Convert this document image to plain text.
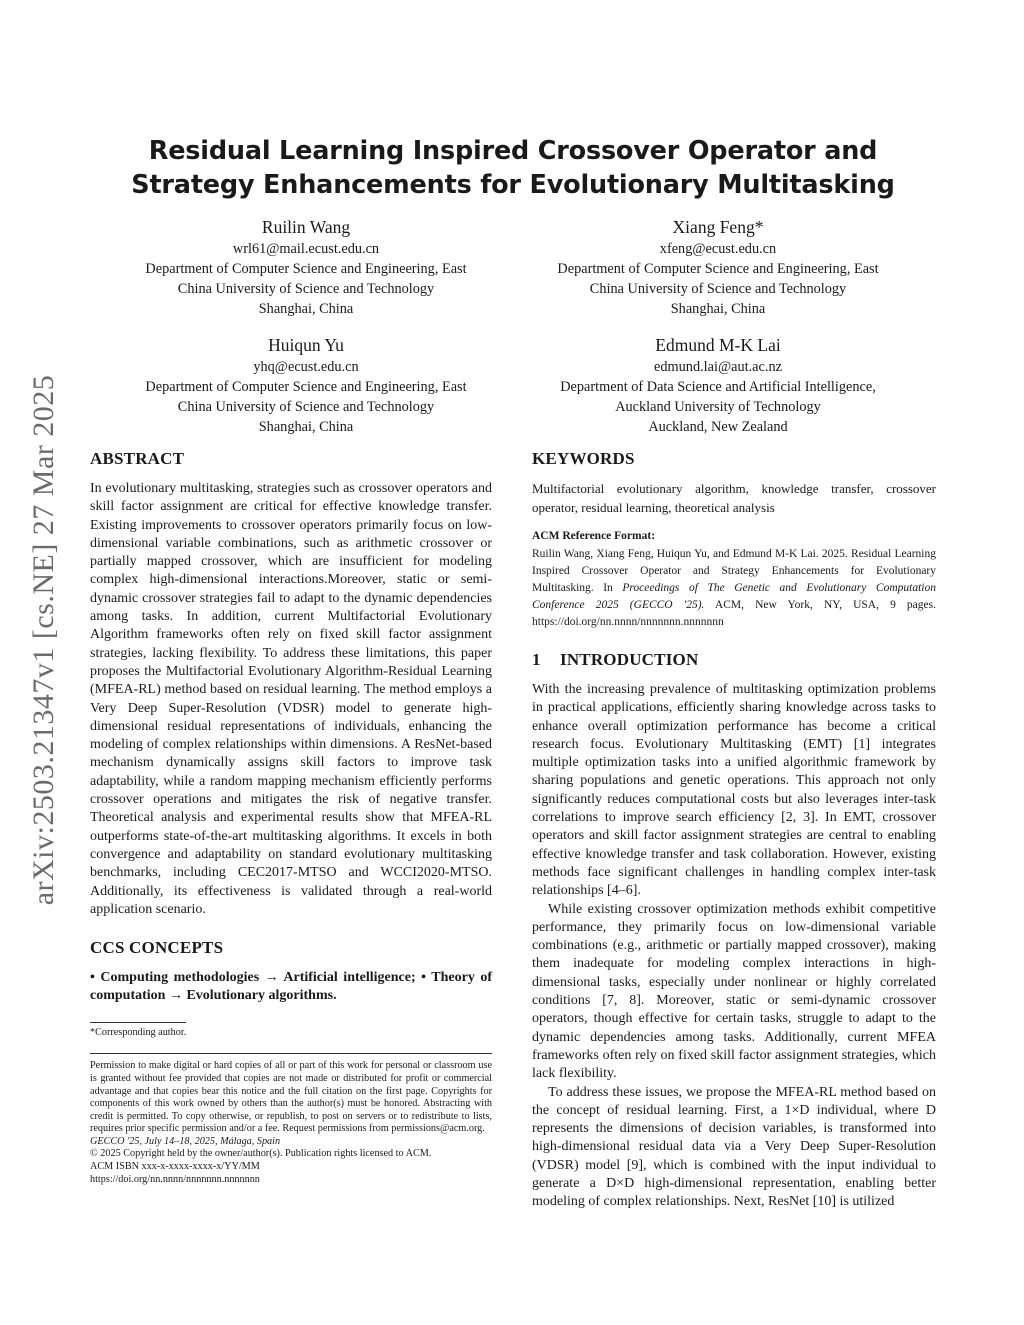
arXiv:2503.21347v1 [cs.NE] 27 Mar 2025
Residual Learning Inspired Crossover Operator and Strategy Enhancements for Evolutionary Multitasking
Ruilin Wang
wrl61@mail.ecust.edu.cn
Department of Computer Science and Engineering, East
China University of Science and Technology
Shanghai, China
Xiang Feng*
xfeng@ecust.edu.cn
Department of Computer Science and Engineering, East
China University of Science and Technology
Shanghai, China
Huiqun Yu
yhq@ecust.edu.cn
Department of Computer Science and Engineering, East
China University of Science and Technology
Shanghai, China
Edmund M-K Lai
edmund.lai@aut.ac.nz
Department of Data Science and Artificial Intelligence,
Auckland University of Technology
Auckland, New Zealand
ABSTRACT

In evolutionary multitasking, strategies such as crossover operators and skill factor assignment are critical for effective knowledge transfer. Existing improvements to crossover operators primarily focus on low-dimensional variable combinations, such as arithmetic crossover or partially mapped crossover, which are insufficient for modeling complex high-dimensional interactions.Moreover, static or semi-dynamic crossover strategies fail to adapt to the dynamic dependencies among tasks. In addition, current Multifactorial Evolutionary Algorithm frameworks often rely on fixed skill factor assignment strategies, lacking flexibility. To address these limitations, this paper proposes the Multifactorial Evolutionary Algorithm-Residual Learning (MFEA-RL) method based on residual learning. The method employs a Very Deep Super-Resolution (VDSR) model to generate high-dimensional residual representations of individuals, enhancing the modeling of complex relationships within dimensions. A ResNet-based mechanism dynamically assigns skill factors to improve task adaptability, while a random mapping mechanism efficiently performs crossover operations and mitigates the risk of negative transfer. Theoretical analysis and experimental results show that MFEA-RL outperforms state-of-the-art multitasking algorithms. It excels in both convergence and adaptability on standard evolutionary multitasking benchmarks, including CEC2017-MTSO and WCCI2020-MTSO. Additionally, its effectiveness is validated through a real-world application scenario.

CCS CONCEPTS

• Computing methodologies → Artificial intelligence; • Theory of computation → Evolutionary algorithms.

*Corresponding author.

Permission to make digital or hard copies of all or part of this work for personal or classroom use is granted without fee provided that copies are not made or distributed for profit or commercial advantage and that copies bear this notice and the full citation on the first page. Copyrights for components of this work owned by others than the author(s) must be honored. Abstracting with credit is permitted. To copy otherwise, or republish, to post on servers or to redistribute to lists, requires prior specific permission and/or a fee. Request permissions from permissions@acm.org.

GECCO '25, July 14–18, 2025, Málaga, Spain

© 2025 Copyright held by the owner/author(s). Publication rights licensed to ACM.

ACM ISBN xxx-x-xxxx-xxxx-x/YY/MM

https://doi.org/nn.nnnn/nnnnnnn.nnnnnnn

KEYWORDS

Multifactorial evolutionary algorithm, knowledge transfer, crossover operator, residual learning, theoretical analysis

ACM Reference Format:

Ruilin Wang, Xiang Feng, Huiqun Yu, and Edmund M-K Lai. 2025. Residual Learning Inspired Crossover Operator and Strategy Enhancements for Evolutionary Multitasking. In Proceedings of The Genetic and Evolutionary Computation Conference 2025 (GECCO '25). ACM, New York, NY, USA, 9 pages. https://doi.org/nn.nnnn/nnnnnnn.nnnnnnn

1 INTRODUCTION

With the increasing prevalence of multitasking optimization problems in practical applications, efficiently sharing knowledge across tasks to enhance overall optimization performance has become a critical research focus. Evolutionary Multitasking (EMT) [1] integrates multiple optimization tasks into a unified algorithmic framework by sharing populations and genetic operations. This approach not only significantly reduces computational costs but also leverages inter-task correlations to improve search efficiency [2, 3]. In EMT, crossover operators and skill factor assignment strategies are central to enabling effective knowledge transfer and task collaboration. However, existing methods face significant challenges in handling complex inter-task relationships [4–6].

While existing crossover optimization methods exhibit competitive performance, they primarily focus on low-dimensional variable combinations (e.g., arithmetic or partially mapped crossover), making them inadequate for modeling complex interactions in high-dimensional tasks, especially under nonlinear or highly correlated conditions [7, 8]. Moreover, static or semi-dynamic crossover operators, though effective for certain tasks, struggle to adapt to the dynamic dependencies among tasks. Additionally, current MFEA frameworks often rely on fixed skill factor assignment strategies, which lack flexibility.

To address these issues, we propose the MFEA-RL method based on the concept of residual learning. First, a 1×D individual, where D represents the dimensions of decision variables, is transformed into high-dimensional residual data via a Very Deep Super-Resolution (VDSR) model [9], which is combined with the input individual to generate a D×D high-dimensional representation, enabling better modeling of complex relationships. Next, ResNet [10] is utilized
